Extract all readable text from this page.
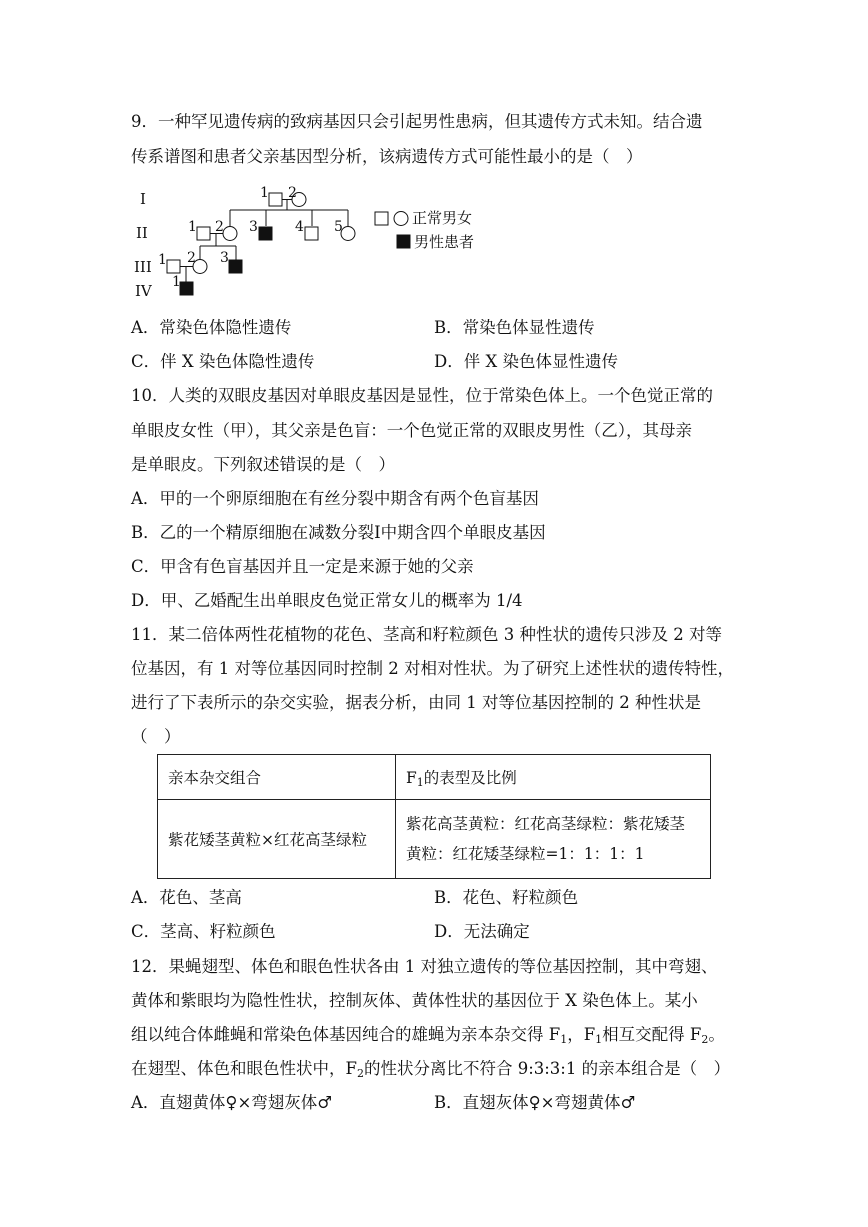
9．一种罕见遗传病的致病基因只会引起男性患病，但其遗传方式未知。结合遗
传系谱图和患者父亲基因型分析，该病遗传方式可能性最小的是（　）
I
II
III
IV
1 2
1 2 3	4 5
1 2 3
1
正常男女
男性患者
A．常染色体隐性遗传	B．常染色体显性遗传
C．伴 X 染色体隐性遗传	D．伴 X 染色体显性遗传
10．人类的双眼皮基因对单眼皮基因是显性，位于常染色体上。一个色觉正常的
单眼皮女性（甲），其父亲是色盲：一个色觉正常的双眼皮男性（乙），其母亲
是单眼皮。下列叙述错误的是（　）
A．甲的一个卵原细胞在有丝分裂中期含有两个色盲基因
B．乙的一个精原细胞在减数分裂Ⅰ中期含四个单眼皮基因
C．甲含有色盲基因并且一定是来源于她的父亲
D．甲、乙婚配生出单眼皮色觉正常女儿的概率为 1/4
11．某二倍体两性花植物的花色、茎高和籽粒颜色 3 种性状的遗传只涉及 2 对等
位基因，有 1 对等位基因同时控制 2 对相对性状。为了研究上述性状的遗传特性，
进行了下表所示的杂交实验，据表分析，由同 1 对等位基因控制的 2 种性状是
（　）
亲本杂交组合	$F_1$的表型及比例
紫花矮茎黄粒×红花高茎绿粒	紫花高茎黄粒：红花高茎绿粒：紫花矮茎黄粒：红花矮茎绿粒=1：1：1：1
A．花色、茎高	B．花色、籽粒颜色
C．茎高、籽粒颜色	D．无法确定
12．果蝇翅型、体色和眼色性状各由 1 对独立遗传的等位基因控制，其中弯翅、
黄体和紫眼均为隐性性状，控制灰体、黄体性状的基因位于 X 染色体上。某小
组以纯合体雌蝇和常染色体基因纯合的雄蝇为亲本杂交得 $F_1$，$F_1$相互交配得 $F_2$。
在翅型、体色和眼色性状中，$F_2$的性状分离比不符合 9:3:3:1 的亲本组合是（　）
A．直翅黄体♀×弯翅灰体♂	B．直翅灰体♀×弯翅黄体♂
